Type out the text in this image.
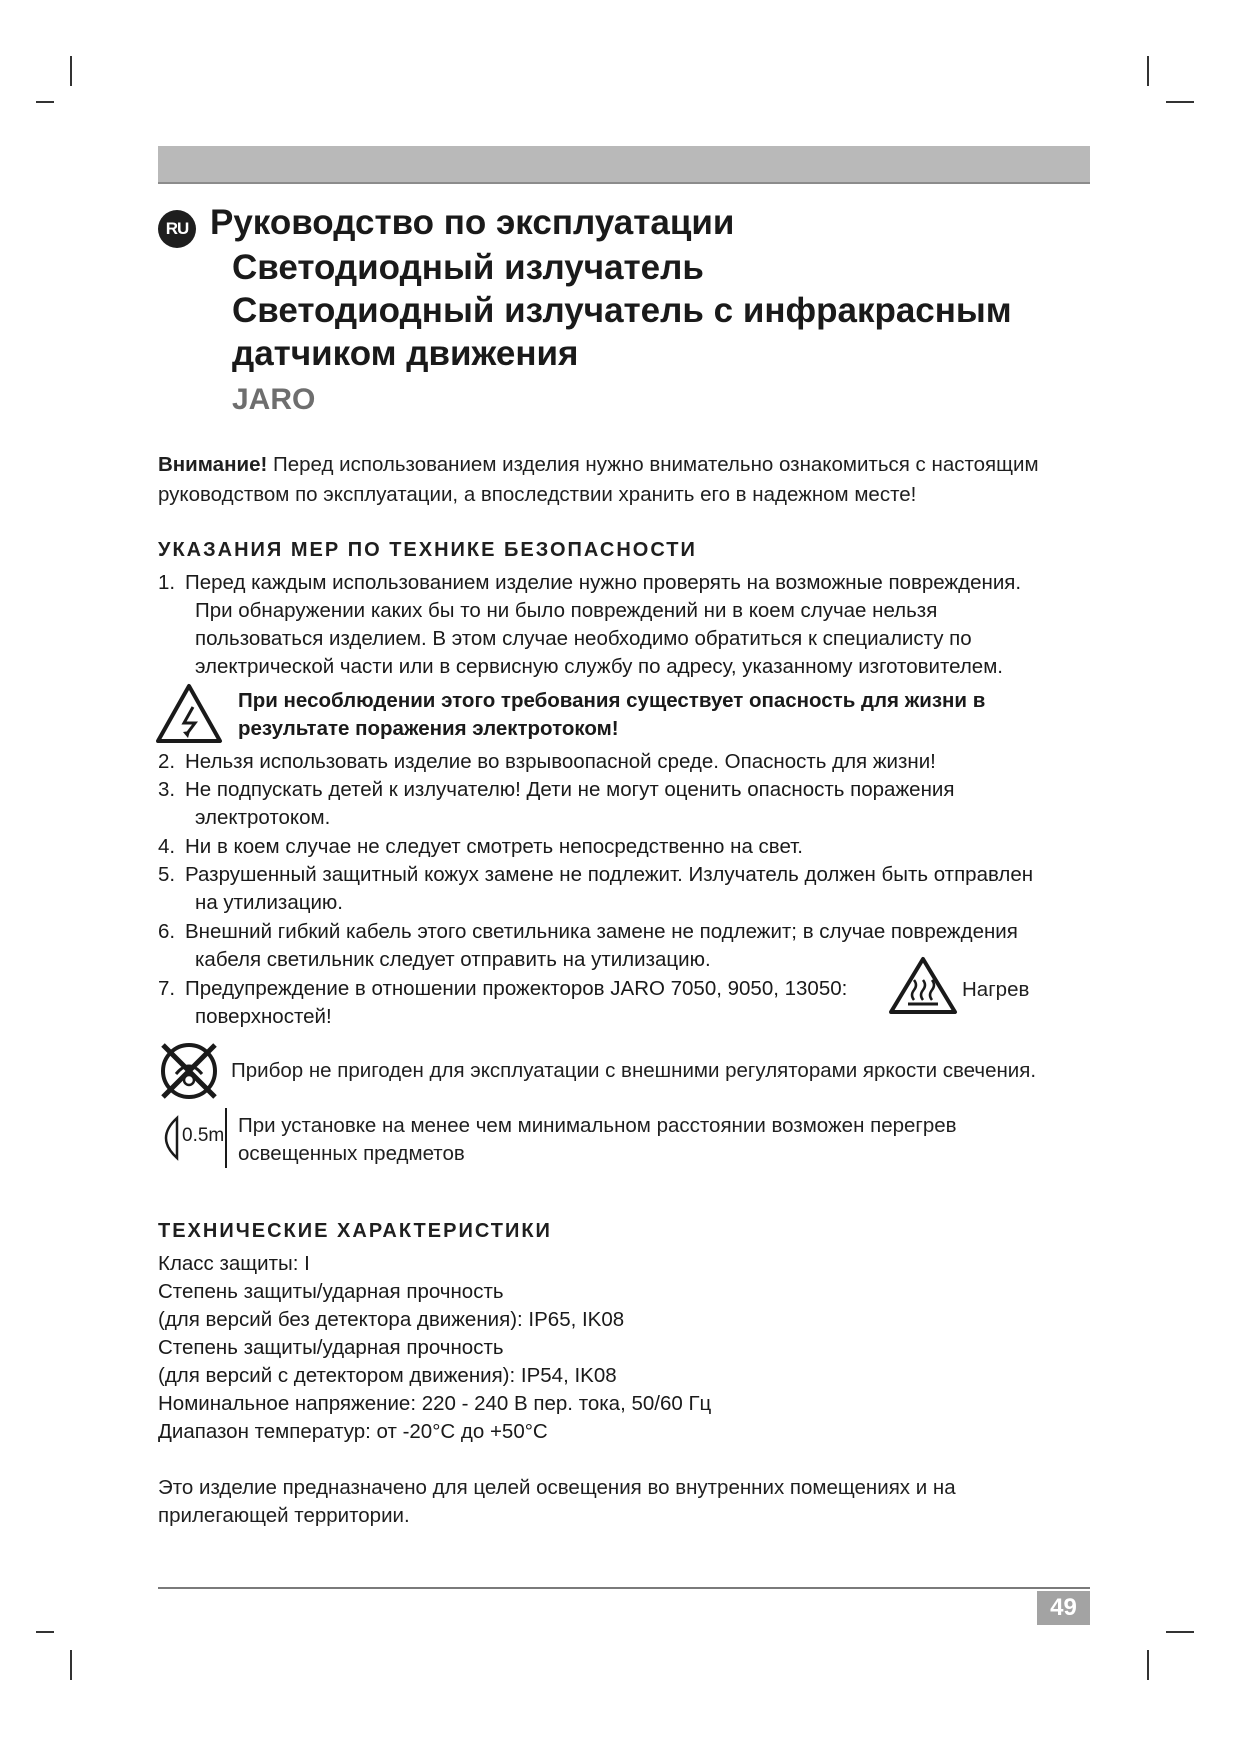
RU Руководство по эксплуатации
Светодиодный излучатель
Светодиодный излучатель с инфракрасным
датчиком движения
JARO
Внимание! Перед использованием изделия нужно внимательно ознакомиться с настоящим
руководством по эксплуатации, а впоследствии хранить его в надежном месте!
УКАЗАНИЯ МЕР ПО ТЕХНИКЕ БЕЗОПАСНОСТИ
1. Перед каждым использованием изделие нужно проверять на возможные повреждения.
При обнаружении каких бы то ни было повреждений ни в коем случае нельзя
пользоваться изделием. В этом случае необходимо обратиться к специалисту по
электрической части или в сервисную службу по адресу, указанному изготовителем.
При несоблюдении этого требования существует опасность для жизни в
результате поражения электротоком!
2. Нельзя использовать изделие во взрывоопасной среде. Опасность для жизни!
3. Не подпускать детей к излучателю! Дети не могут оценить опасность поражения
электротоком.
4. Ни в коем случае не следует смотреть непосредственно на свет.
5. Разрушенный защитный кожух замене не подлежит. Излучатель должен быть отправлен
на утилизацию.
6. Внешний гибкий кабель этого светильника замене не подлежит; в случае повреждения
кабеля светильник следует отправить на утилизацию.
7. Предупреждение в отношении прожекторов JARO 7050, 9050, 13050:
поверхностей!
Нагрев
Прибор не пригоден для эксплуатации с внешними регуляторами яркости свечения.
0.5m При установке на менее чем минимальном расстоянии возможен перегрев
освещенных предметов
ТЕХНИЧЕСКИЕ ХАРАКТЕРИСТИКИ
Класс защиты: I
Степень защиты/ударная прочность
(для версий без детектора движения): IP65, IK08
Степень защиты/ударная прочность
(для версий с детектором движения): IP54, IK08
Номинальное напряжение: 220 - 240 В пер. тока, 50/60 Гц
Диапазон температур: от -20°C до +50°C
Это изделие предназначено для целей освещения во внутренних помещениях и на
прилегающей территории.
49
